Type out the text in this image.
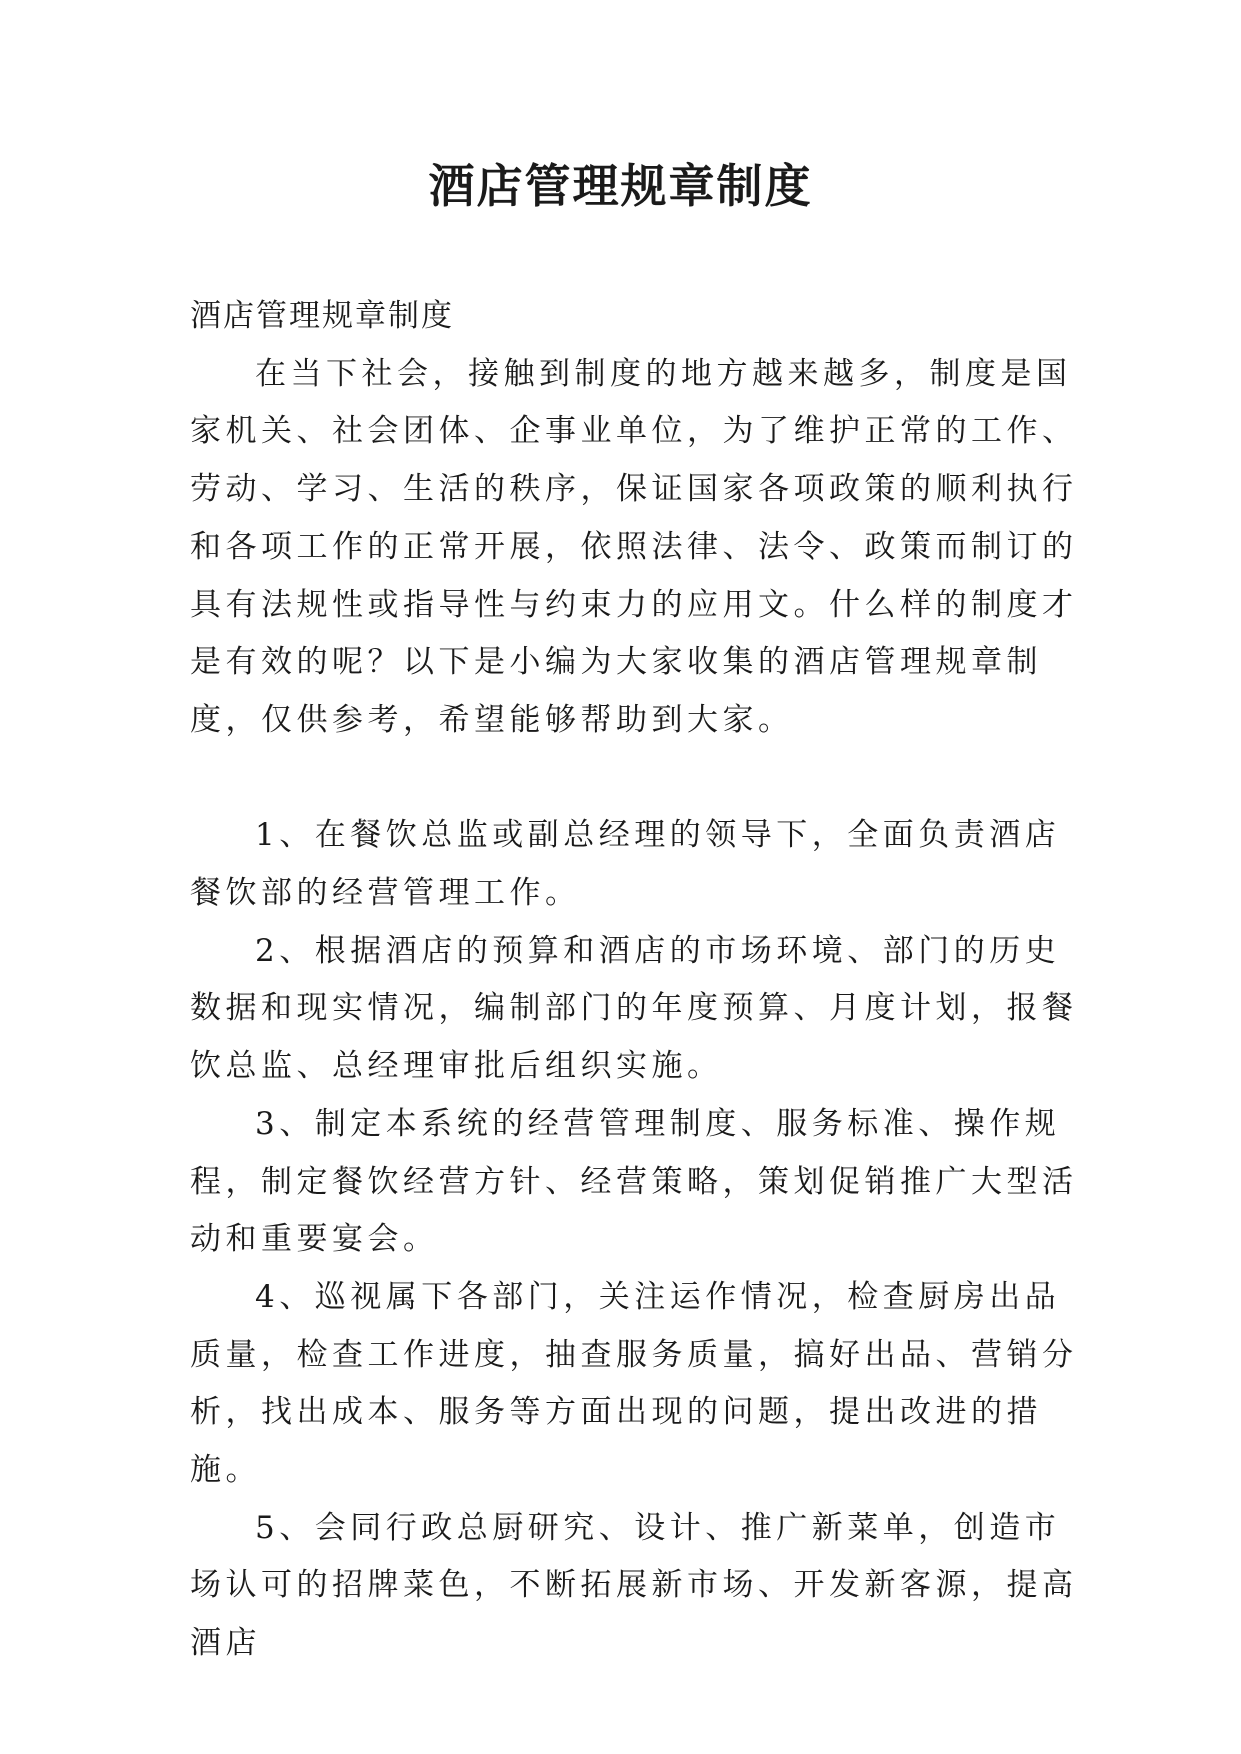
酒店管理规章制度

酒店管理规章制度

在当下社会，接触到制度的地方越来越多，制度是国家机关、社会团体、企事业单位，为了维护正常的工作、劳动、学习、生活的秩序，保证国家各项政策的顺利执行和各项工作的正常开展，依照法律、法令、政策而制订的具有法规性或指导性与约束力的应用文。什么样的制度才是有效的呢？以下是小编为大家收集的酒店管理规章制度，仅供参考，希望能够帮助到大家。

1、在餐饮总监或副总经理的领导下，全面负责酒店餐饮部的经营管理工作。

2、根据酒店的预算和酒店的市场环境、部门的历史数据和现实情况，编制部门的年度预算、月度计划，报餐饮总监、总经理审批后组织实施。

3、制定本系统的经营管理制度、服务标准、操作规程，制定餐饮经营方针、经营策略，策划促销推广大型活动和重要宴会。

4、巡视属下各部门，关注运作情况，检查厨房出品质量，检查工作进度，抽查服务质量，搞好出品、营销分析，找出成本、服务等方面出现的问题，提出改进的措施。

5、会同行政总厨研究、设计、推广新菜单，创造市场认可的招牌菜色，不断拓展新市场、开发新客源，提高酒店
